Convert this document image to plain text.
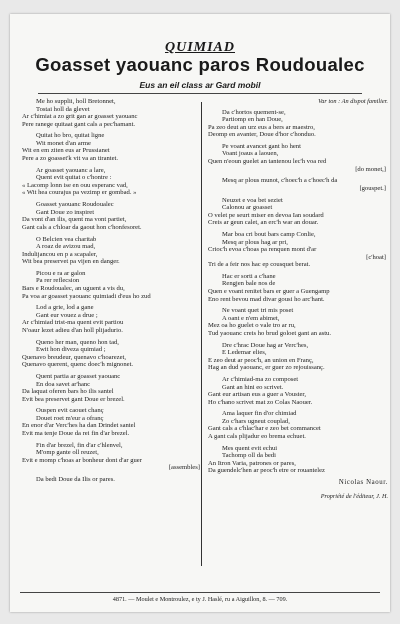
QUIMIAD
Goasset yaouanc paros Roudoualec
Eus an eil class ar Gard mobil
Me ho supplii, holl Bretonnet,
Tostai holl da glevet
Ar c'himiat a zo grit gan ar goasset yaouanc
Pere ranege quitaat gant cals a pec'hamant.
Quitat ho bro, quitat ligne
Wit monet d'an arme
Wit en em ziten eus ar Prussianet
Pere a zo goasset'k vit va an tirantet.
Ar goasset yaouanc a lare,
Quent evit quitat o c'hontre :
« Lacomp lonn ise en ouu esperanc vad,
« Wit hea courajus pa vezimp er gombad. »
Goasset yaouanc Roudoualec
Gant Doue zo inspiret
Da vont d'an ilis, quent ma vont partiet,
Gant cals a c'hloar da gaout hon c'honfesoret.
O Belcien vea charitab
A roaz de avizou mad,
Indulijancou en p a scapaler,
Wit bea preservet pa vijen en danger.
Picou e ra ar galon
Pa rer reflecsion
Bars e Roudoualec, an uguent a vis du,
Pa voa ar goasset yaouanc quimiadi d'eus ho zud
Lod a grie, lod a gane
Gant eur vouez a drue ;
Ar c'himiad trist-ma quent evit partiou
N'oaur lezet adieu d'an holl plijadurio.
Queno her man, queno hon tad,
Ewit hon diveza quimiad ;
Quenavo breudeur, quenavo c'hoarezet,
Quenavo querent, quenc doec'h mignonet.
Quent partia ar goasset yaouanc
En doa savet ar'hanc
Da laquat oferen bars ho ilis santel
Evit bea preservet gant Doue er brezel.
Ouspen evit caouet chanç
Douet roet m'eur a ofranç
En enor d'ar Verc'hes ha dan Drindet santel
Evit ma tenje Doue da rei fin d'ar brezel.
Fin d'ar brezel, fin d'ar c'hlenvel,
M'omp gante oll reuzet,
Evit e momp c'hoas ar bonheur dont d'ar guer
[assembles]
Da bedi Doue da Ilis or pares.
Var ton : An dispot familier.
Da c'hortos quement-se,
Partiomp en han Doue,
Pa zeo deut an urz eus a bers ar maestro,
Deomp en avanter, Doue d'hor c'honduo.
Pe voant avancet gant ho hent
Voant joaus a laouen,
Quen n'eoun guelet an tantenou lec'h voa red
[do monet,]
Mesq ar plous munot, c'hoec'h a c'hoec'h da
[gouspet.]
Neuzet e voa bet seziet
Calonou ar goasset
O velet pe seurt miser en devoa Ian soudard
Creis ar geun calet, an erc'h war an douar.
Mar boa cri bout bars camp Conlie,
Mesq ar plous hag ar pri,
Crioc'h evoa c'hoas pa renquen mont d'ar
[c'hoat]
Tri de a feir nos hac ep cousquet berat.
Hac er sorti a c'hane
Rengjen bale nos de
Quen e voant renitet bars er guer a Guengamp
Eno rent bevou mad divar gousi ho arc'hant.
Ne voant quet tri mis poset
A oant e n'em abimet,
Mez oa ho guelet o vale tro ar ru,
Tud yaouanc creis ho brud goloet gant an astu.
Dre c'hrac Doue hag ar Verc'hes,
E Ledemar elies,
E zeo deut ar peoc'h, an union en Franç,
Hag an dud yaouanc, er guer zo rejouissanç.
Ar c'himiad-ma zo composet
Gant an hini eo scrivet.
Gant eur artisan eus a guer a Vouster,
Ho c'hano scrivet mat zo Colas Naouer.
Ama laquer fin d'or chimiad
Zo c'hars ugneut couplad,
Gant cals a c'hlac'har e zeo bet commancet
A gant cals plijadur eo brema echuet.
Mes quent evit echui
Tachomp oll da bedi
An Itron Varia, patrones or pares,
Da guendelc'hen ar peoc'h etre or rouantelez
Nicolas Naour.
Propriété de l'éditeur, J. H.
4871. — Moulet e Montroulez, e ty J. Haslé, ru a Aiguillon, 8. — 709.
